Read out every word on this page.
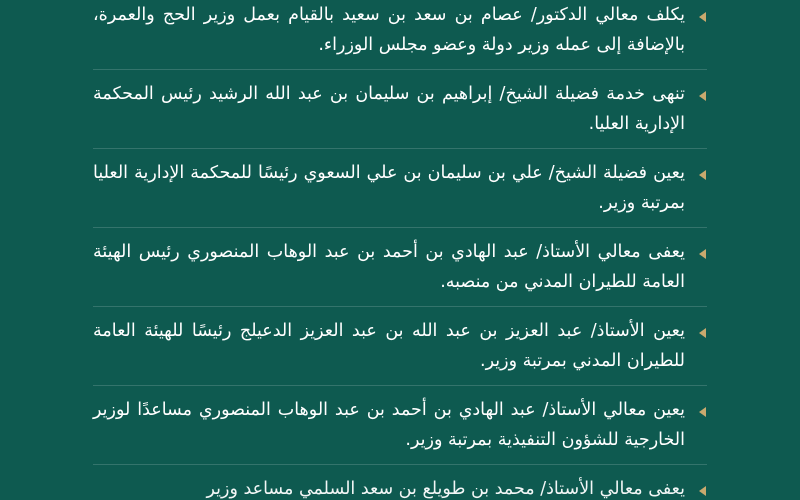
يكلف معالي الدكتور/ عصام بن سعد بن سعيد بالقيام بعمل وزير الحج والعمرة، بالإضافة إلى عمله وزير دولة وعضو مجلس الوزراء.
تنهى خدمة فضيلة الشيخ/ إبراهيم بن سليمان بن عبد الله الرشيد رئيس المحكمة الإدارية العليا.
يعين فضيلة الشيخ/ علي بن سليمان بن علي السعوي رئيسًا للمحكمة الإدارية العليا بمرتبة وزير.
يعفى معالي الأستاذ/ عبد الهادي بن أحمد بن عبد الوهاب المنصوري رئيس الهيئة العامة للطيران المدني من منصبه.
يعين الأستاذ/ عبد العزيز بن عبد الله بن عبد العزيز الدعيلج رئيسًا للهيئة العامة للطيران المدني بمرتبة وزير.
يعين معالي الأستاذ/ عبد الهادي بن أحمد بن عبد الوهاب المنصوري مساعدًا لوزير الخارجية للشؤون التنفيذية بمرتبة وزير.
يعفى معالي الأستاذ/ محمد بن طويلع بن سعد السلمي مساعد وزير
